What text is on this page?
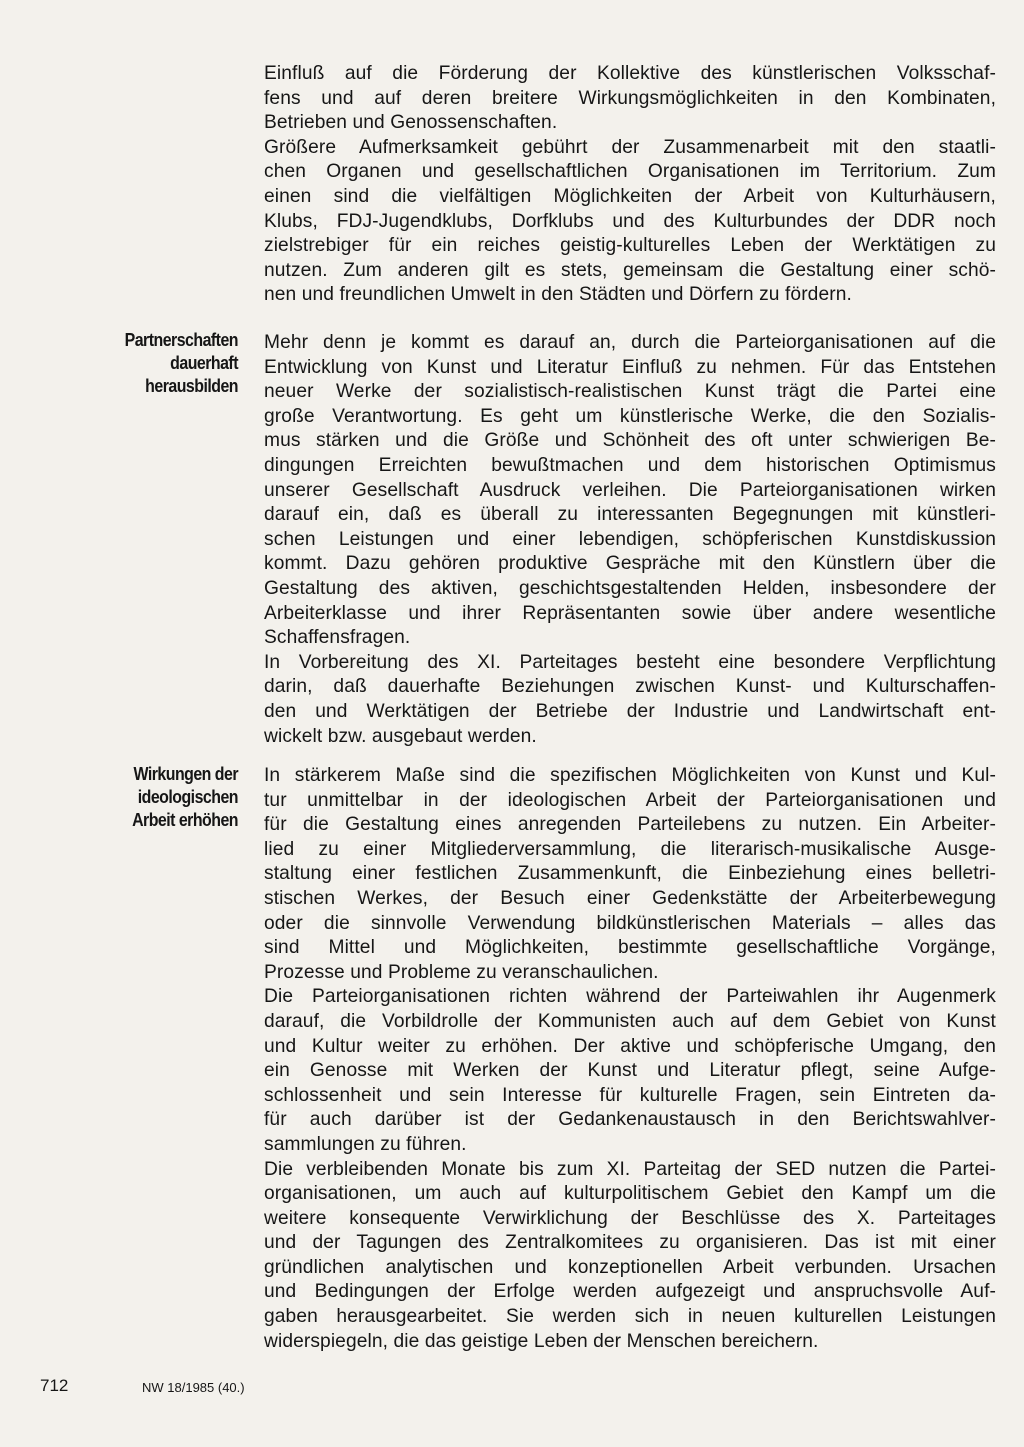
Einfluß auf die Förderung der Kollektive des künstlerischen Volksschaf-
fens und auf deren breitere Wirkungsmöglichkeiten in den Kombinaten,
Betrieben und Genossenschaften.

Größere Aufmerksamkeit gebührt der Zusammenarbeit mit den staatli-
chen Organen und gesellschaftlichen Organisationen im Territorium. Zum
einen sind die vielfältigen Möglichkeiten der Arbeit von Kulturhäusern,
Klubs, FDJ-Jugendklubs, Dorfklubs und des Kulturbundes der DDR noch
zielstrebiger für ein reiches geistig-kulturelles Leben der Werktätigen zu
nutzen. Zum anderen gilt es stets, gemeinsam die Gestaltung einer schö-
nen und freundlichen Umwelt in den Städten und Dörfern zu fördern.

Partnerschaften
dauerhaft
herausbilden

Mehr denn je kommt es darauf an, durch die Parteiorganisationen auf die
Entwicklung von Kunst und Literatur Einfluß zu nehmen. Für das Entstehen
neuer Werke der sozialistisch-realistischen Kunst trägt die Partei eine
große Verantwortung. Es geht um künstlerische Werke, die den Sozialis-
mus stärken und die Größe und Schönheit des oft unter schwierigen Be-
dingungen Erreichten bewußtmachen und dem historischen Optimismus
unserer Gesellschaft Ausdruck verleihen. Die Parteiorganisationen wirken
darauf ein, daß es überall zu interessanten Begegnungen mit künstleri-
schen Leistungen und einer lebendigen, schöpferischen Kunstdiskussion
kommt. Dazu gehören produktive Gespräche mit den Künstlern über die
Gestaltung des aktiven, geschichtsgestaltenden Helden, insbesondere der
Arbeiterklasse und ihrer Repräsentanten sowie über andere wesentliche
Schaffensfragen.

In Vorbereitung des XI. Parteitages besteht eine besondere Verpflichtung
darin, daß dauerhafte Beziehungen zwischen Kunst- und Kulturschaffen-
den und Werktätigen der Betriebe der Industrie und Landwirtschaft ent-
wickelt bzw. ausgebaut werden.

Wirkungen der
ideologischen
Arbeit erhöhen

In stärkerem Maße sind die spezifischen Möglichkeiten von Kunst und Kul-
tur unmittelbar in der ideologischen Arbeit der Parteiorganisationen und
für die Gestaltung eines anregenden Parteilebens zu nutzen. Ein Arbeiter-
lied zu einer Mitgliederversammlung, die literarisch-musikalische Ausge-
staltung einer festlichen Zusammenkunft, die Einbeziehung eines belletri-
stischen Werkes, der Besuch einer Gedenkstätte der Arbeiterbewegung
oder die sinnvolle Verwendung bildkünstlerischen Materials – alles das
sind Mittel und Möglichkeiten, bestimmte gesellschaftliche Vorgänge,
Prozesse und Probleme zu veranschaulichen.

Die Parteiorganisationen richten während der Parteiwahlen ihr Augenmerk
darauf, die Vorbildrolle der Kommunisten auch auf dem Gebiet von Kunst
und Kultur weiter zu erhöhen. Der aktive und schöpferische Umgang, den
ein Genosse mit Werken der Kunst und Literatur pflegt, seine Aufge-
schlossenheit und sein Interesse für kulturelle Fragen, sein Eintreten da-
für auch darüber ist der Gedankenaustausch in den Berichtswahlver-
sammlungen zu führen.

Die verbleibenden Monate bis zum XI. Parteitag der SED nutzen die Partei-
organisationen, um auch auf kulturpolitischem Gebiet den Kampf um die
weitere konsequente Verwirklichung der Beschlüsse des X. Parteitages
und der Tagungen des Zentralkomitees zu organisieren. Das ist mit einer
gründlichen analytischen und konzeptionellen Arbeit verbunden. Ursachen
und Bedingungen der Erfolge werden aufgezeigt und anspruchsvolle Auf-
gaben herausgearbeitet. Sie werden sich in neuen kulturellen Leistungen
widerspiegeln, die das geistige Leben der Menschen bereichern.

712	NW 18/1985 (40.)
